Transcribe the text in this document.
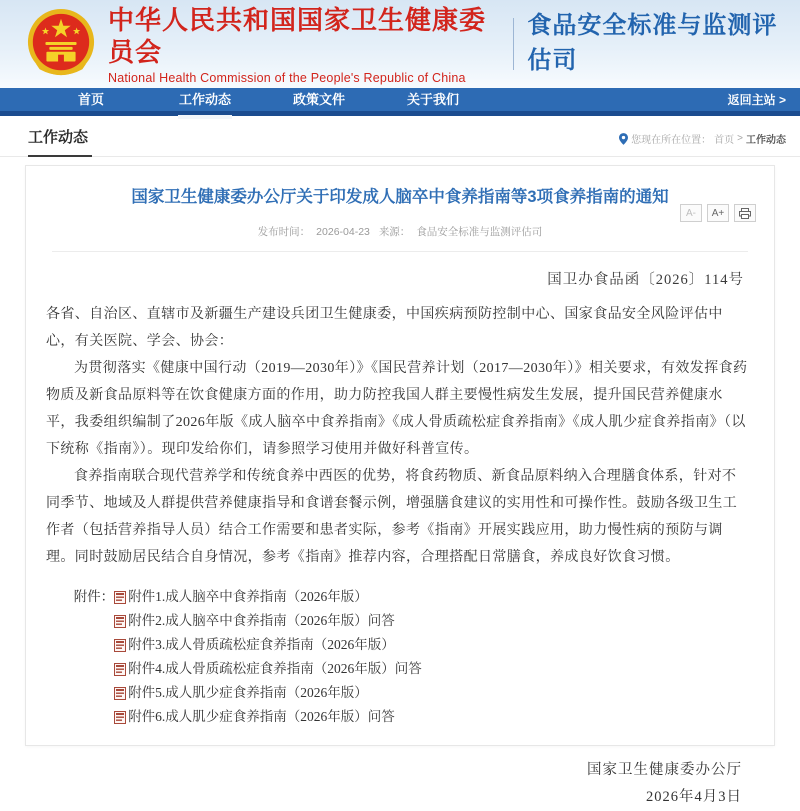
中华人民共和国国家卫生健康委员会
National Health Commission of the People's Republic of China
食品安全标准与监测评估司
首页	工作动态	政策文件	关于我们	返回主站 >
工作动态	您现在所在位置： 首页 > 工作动态
国家卫生健康委办公厅关于印发成人脑卒中食养指南等3项食养指南的通知
发布时间： 2026-04-23 来源： 食品安全标准与监测评估司
A-	A+
国卫办食品函〔2026〕114号

各省、自治区、直辖市及新疆生产建设兵团卫生健康委，中国疾病预防控制中心、国家食品安全风险评估中心，有关医院、学会、协会：

为贯彻落实《健康中国行动（2019—2030年）》《国民营养计划（2017—2030年）》相关要求，有效发挥食药物质及新食品原料等在饮食健康方面的作用，助力防控我国人群主要慢性病发生发展，提升国民营养健康水平，我委组织编制了2026年版《成人脑卒中食养指南》《成人骨质疏松症食养指南》《成人肌少症食养指南》（以下统称《指南》）。现印发给你们，请参照学习使用并做好科普宣传。

食养指南联合现代营养学和传统食养中西医的优势，将食药物质、新食品原料纳入合理膳食体系，针对不同季节、地域及人群提供营养健康指导和食谱套餐示例，增强膳食建议的实用性和可操作性。鼓励各级卫生工作者（包括营养指导人员）结合工作需要和患者实际，参考《指南》开展实践应用，助力慢性病的预防与调理。同时鼓励居民结合自身情况，参考《指南》推荐内容，合理搭配日常膳食，养成良好饮食习惯。

附件： 附件1.成人脑卒中食养指南（2026年版）
附件2.成人脑卒中食养指南（2026年版）问答
附件3.成人骨质疏松症食养指南（2026年版）
附件4.成人骨质疏松症食养指南（2026年版）问答
附件5.成人肌少症食养指南（2026年版）
附件6.成人肌少症食养指南（2026年版）问答
国家卫生健康委办公厅
2026年4月3日
